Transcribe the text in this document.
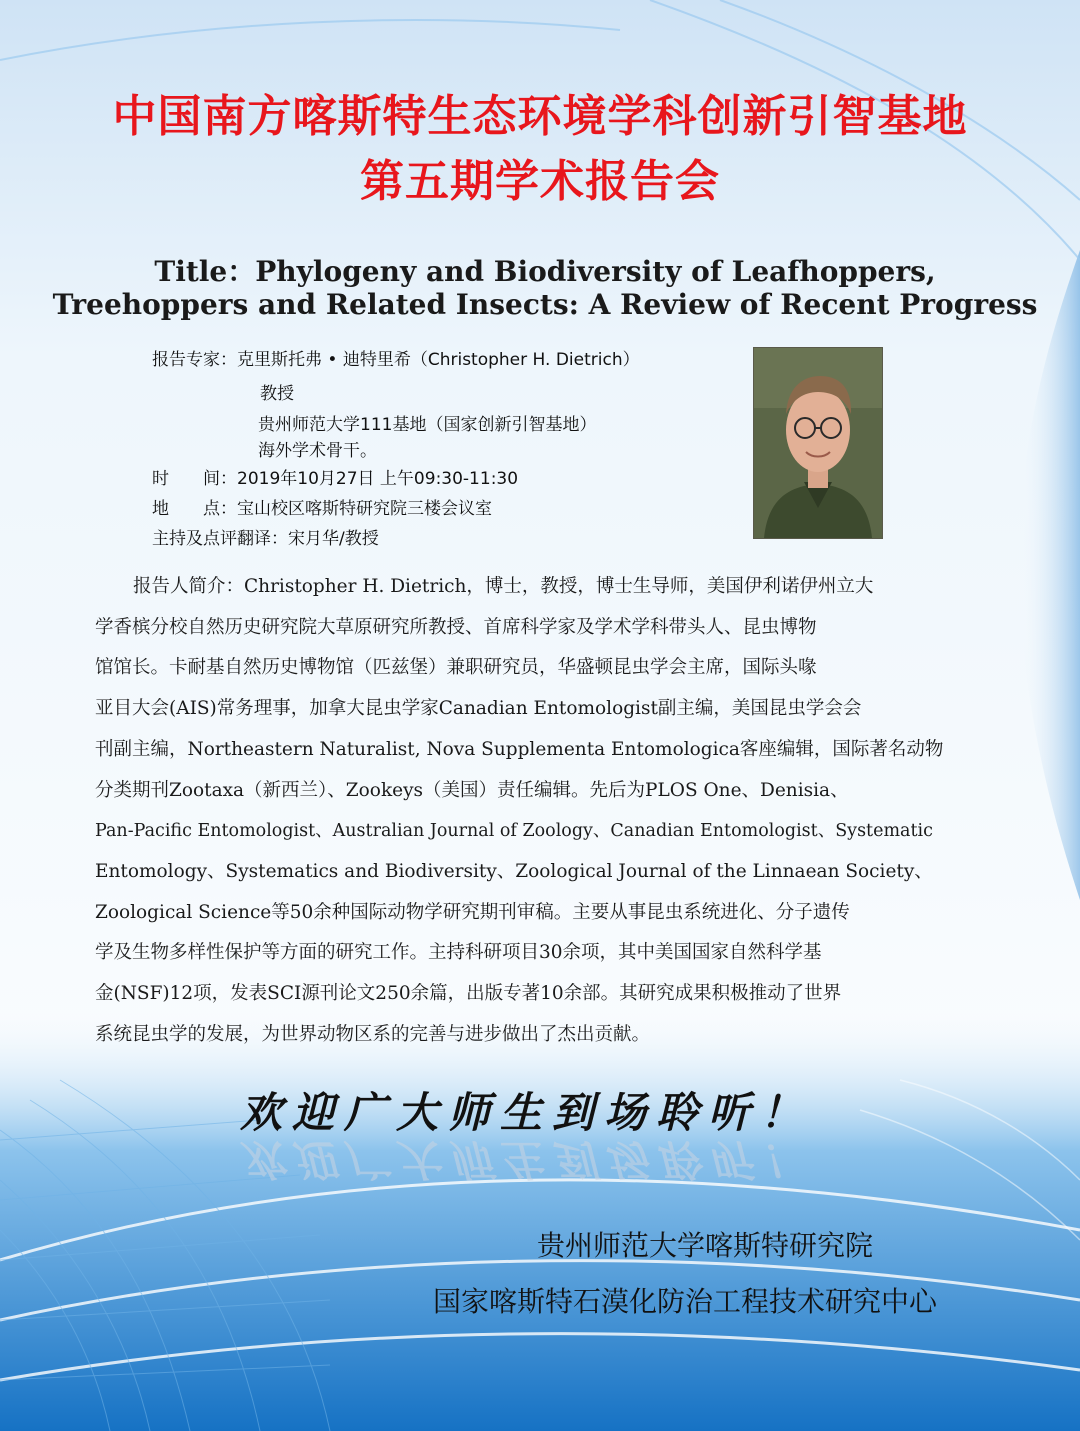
中国南方喀斯特生态环境学科创新引智基地
第五期学术报告会
Title：Phylogeny and Biodiversity of Leafhoppers,
Treehoppers and Related Insects: A Review of Recent Progress
报告专家：克里斯托弗 • 迪特里希（Christopher H. Dietrich）
教授
贵州师范大学111基地（国家创新引智基地）
海外学术骨干。
时　　间：2019年10月27日 上午09:30-11:30
地　　点：宝山校区喀斯特研究院三楼会议室
主持及点评翻译：宋月华/教授
报告人简介：Christopher H. Dietrich，博士，教授，博士生导师，美国伊利诺伊州立大
学香槟分校自然历史研究院大草原研究所教授、首席科学家及学术学科带头人、昆虫博物
馆馆长。卡耐基自然历史博物馆（匹兹堡）兼职研究员，华盛顿昆虫学会主席，国际头喙
亚目大会(AIS)常务理事，加拿大昆虫学家Canadian Entomologist副主编，美国昆虫学会会
刊副主编，Northeastern Naturalist, Nova Supplementa Entomologica客座编辑，国际著名动物
分类期刊Zootaxa（新西兰）、Zookeys（美国）责任编辑。先后为PLOS One、Denisia、
Pan-Pacific Entomologist、Australian Journal of Zoology、Canadian Entomologist、Systematic
Entomology、Systematics and Biodiversity、Zoological Journal of the Linnaean Society、
Zoological Science等50余种国际动物学研究期刊审稿。主要从事昆虫系统进化、分子遗传
学及生物多样性保护等方面的研究工作。主持科研项目30余项，其中美国国家自然科学基
金(NSF)12项，发表SCI源刊论文250余篇，出版专著10余部。其研究成果积极推动了世界
系统昆虫学的发展，为世界动物区系的完善与进步做出了杰出贡献。
欢迎广大师生到场聆听！
欢迎广大师生到场聆听！
贵州师范大学喀斯特研究院
国家喀斯特石漠化防治工程技术研究中心
